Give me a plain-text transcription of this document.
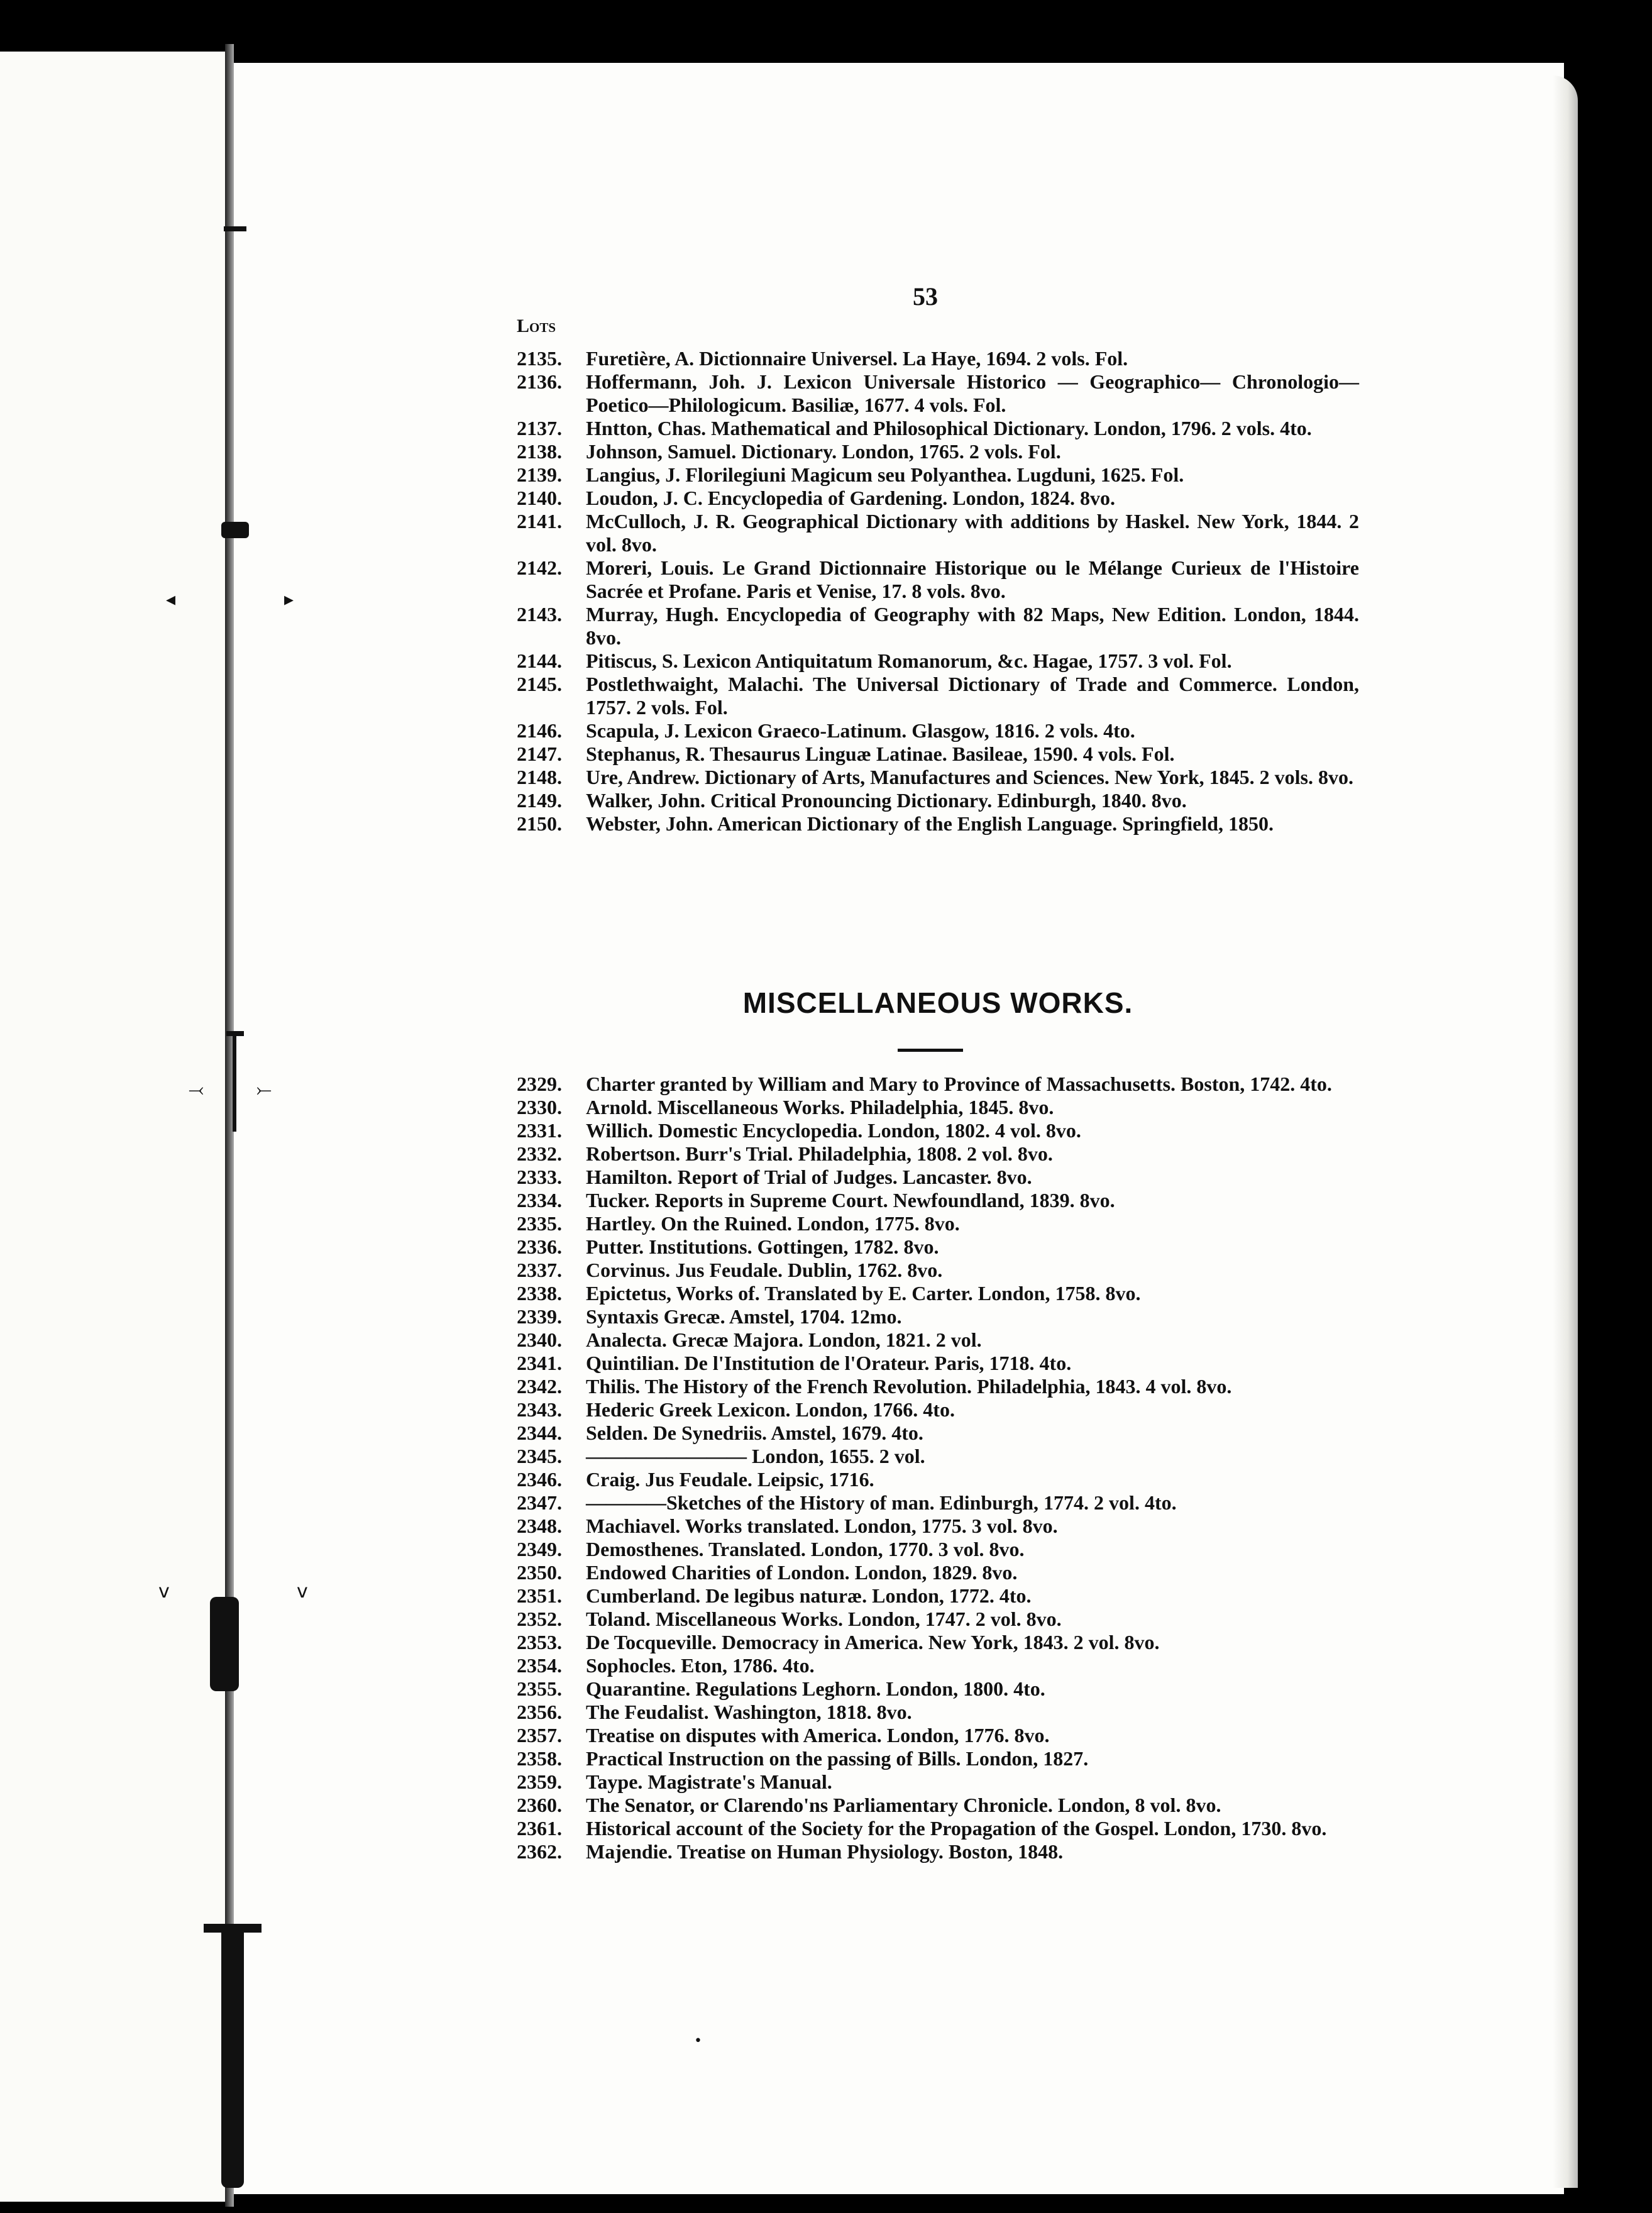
◂	▸
⤙	⤚
v	v
•
53
Lots
2135.	Furetière, A. Dictionnaire Universel. La Haye, 1694. 2 vols. Fol.
2136.	Hoffermann, Joh. J. Lexicon Universale Historico — Geographico— Chronologio—Poetico—Philologicum. Basiliæ, 1677. 4 vols. Fol.
2137.	Hntton, Chas. Mathematical and Philosophical Dictionary. London, 1796. 2 vols. 4to.
2138.	Johnson, Samuel. Dictionary. London, 1765. 2 vols. Fol.
2139.	Langius, J. Florilegiuni Magicum seu Polyanthea. Lugduni, 1625. Fol.
2140.	Loudon, J. C. Encyclopedia of Gardening. London, 1824. 8vo.
2141.	McCulloch, J. R. Geographical Dictionary with additions by Haskel. New York, 1844. 2 vol. 8vo.
2142.	Moreri, Louis. Le Grand Dictionnaire Historique ou le Mélange Curieux de l'Histoire Sacrée et Profane. Paris et Venise, 17. 8 vols. 8vo.
2143.	Murray, Hugh. Encyclopedia of Geography with 82 Maps, New Edition. London, 1844. 8vo.
2144.	Pitiscus, S. Lexicon Antiquitatum Romanorum, &c. Hagae, 1757. 3 vol. Fol.
2145.	Postlethwaight, Malachi. The Universal Dictionary of Trade and Commerce. London, 1757. 2 vols. Fol.
2146.	Scapula, J. Lexicon Graeco-Latinum. Glasgow, 1816. 2 vols. 4to.
2147.	Stephanus, R. Thesaurus Linguæ Latinae. Basileae, 1590. 4 vols. Fol.
2148.	Ure, Andrew. Dictionary of Arts, Manufactures and Sciences. New York, 1845. 2 vols. 8vo.
2149.	Walker, John. Critical Pronouncing Dictionary. Edinburgh, 1840. 8vo.
2150.	Webster, John. American Dictionary of the English Language. Springfield, 1850.
MISCELLANEOUS WORKS.
2329.	Charter granted by William and Mary to Province of Massachusetts. Boston, 1742. 4to.
2330.	Arnold. Miscellaneous Works. Philadelphia, 1845. 8vo.
2331.	Willich. Domestic Encyclopedia. London, 1802. 4 vol. 8vo.
2332.	Robertson. Burr's Trial. Philadelphia, 1808. 2 vol. 8vo.
2333.	Hamilton. Report of Trial of Judges. Lancaster. 8vo.
2334.	Tucker. Reports in Supreme Court. Newfoundland, 1839. 8vo.
2335.	Hartley. On the Ruined. London, 1775. 8vo.
2336.	Putter. Institutions. Gottingen, 1782. 8vo.
2337.	Corvinus. Jus Feudale. Dublin, 1762. 8vo.
2338.	Epictetus, Works of. Translated by E. Carter. London, 1758. 8vo.
2339.	Syntaxis Grecæ. Amstel, 1704. 12mo.
2340.	Analecta. Grecæ Majora. London, 1821. 2 vol.
2341.	Quintilian. De l'Institution de l'Orateur. Paris, 1718. 4to.
2342.	Thilis. The History of the French Revolution. Philadelphia, 1843. 4 vol. 8vo.
2343.	Hederic Greek Lexicon. London, 1766. 4to.
2344.	Selden. De Synedriis. Amstel, 1679. 4to.
2345.	———————— London, 1655. 2 vol.
2346.	Craig. Jus Feudale. Leipsic, 1716.
2347.	————Sketches of the History of man. Edinburgh, 1774. 2 vol. 4to.
2348.	Machiavel. Works translated. London, 1775. 3 vol. 8vo.
2349.	Demosthenes. Translated. London, 1770. 3 vol. 8vo.
2350.	Endowed Charities of London. London, 1829. 8vo.
2351.	Cumberland. De legibus naturæ. London, 1772. 4to.
2352.	Toland. Miscellaneous Works. London, 1747. 2 vol. 8vo.
2353.	De Tocqueville. Democracy in America. New York, 1843. 2 vol. 8vo.
2354.	Sophocles. Eton, 1786. 4to.
2355.	Quarantine. Regulations Leghorn. London, 1800. 4to.
2356.	The Feudalist. Washington, 1818. 8vo.
2357.	Treatise on disputes with America. London, 1776. 8vo.
2358.	Practical Instruction on the passing of Bills. London, 1827.
2359.	Taype. Magistrate's Manual.
2360.	The Senator, or Clarendo'ns Parliamentary Chronicle. London, 8 vol. 8vo.
2361.	Historical account of the Society for the Propagation of the Gospel. London, 1730. 8vo.
2362.	Majendie. Treatise on Human Physiology. Boston, 1848.
